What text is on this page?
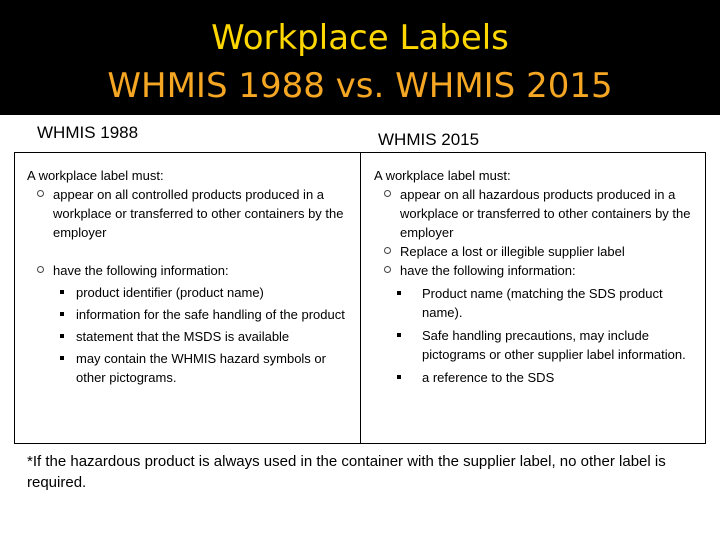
Workplace Labels
WHMIS 1988 vs. WHMIS 2015
WHMIS 1988	WHMIS 2015

A workplace label must:

appear on all controlled products produced in a workplace or transferred to other containers by the employer
have the following information:
product identifier (product name)
information for the safe handling of the product
statement that the MSDS is available
may contain the WHMIS hazard symbols or other pictograms.

A workplace label must:

appear on all hazardous products produced in a workplace or transferred to other containers by the employer
Replace a lost or illegible supplier label
have the following information:
Product name (matching the SDS product name).
Safe handling precautions, may include pictograms or other supplier label information.
a reference to the SDS
*If the hazardous product is always used in the container with the supplier label, no other label is required.
